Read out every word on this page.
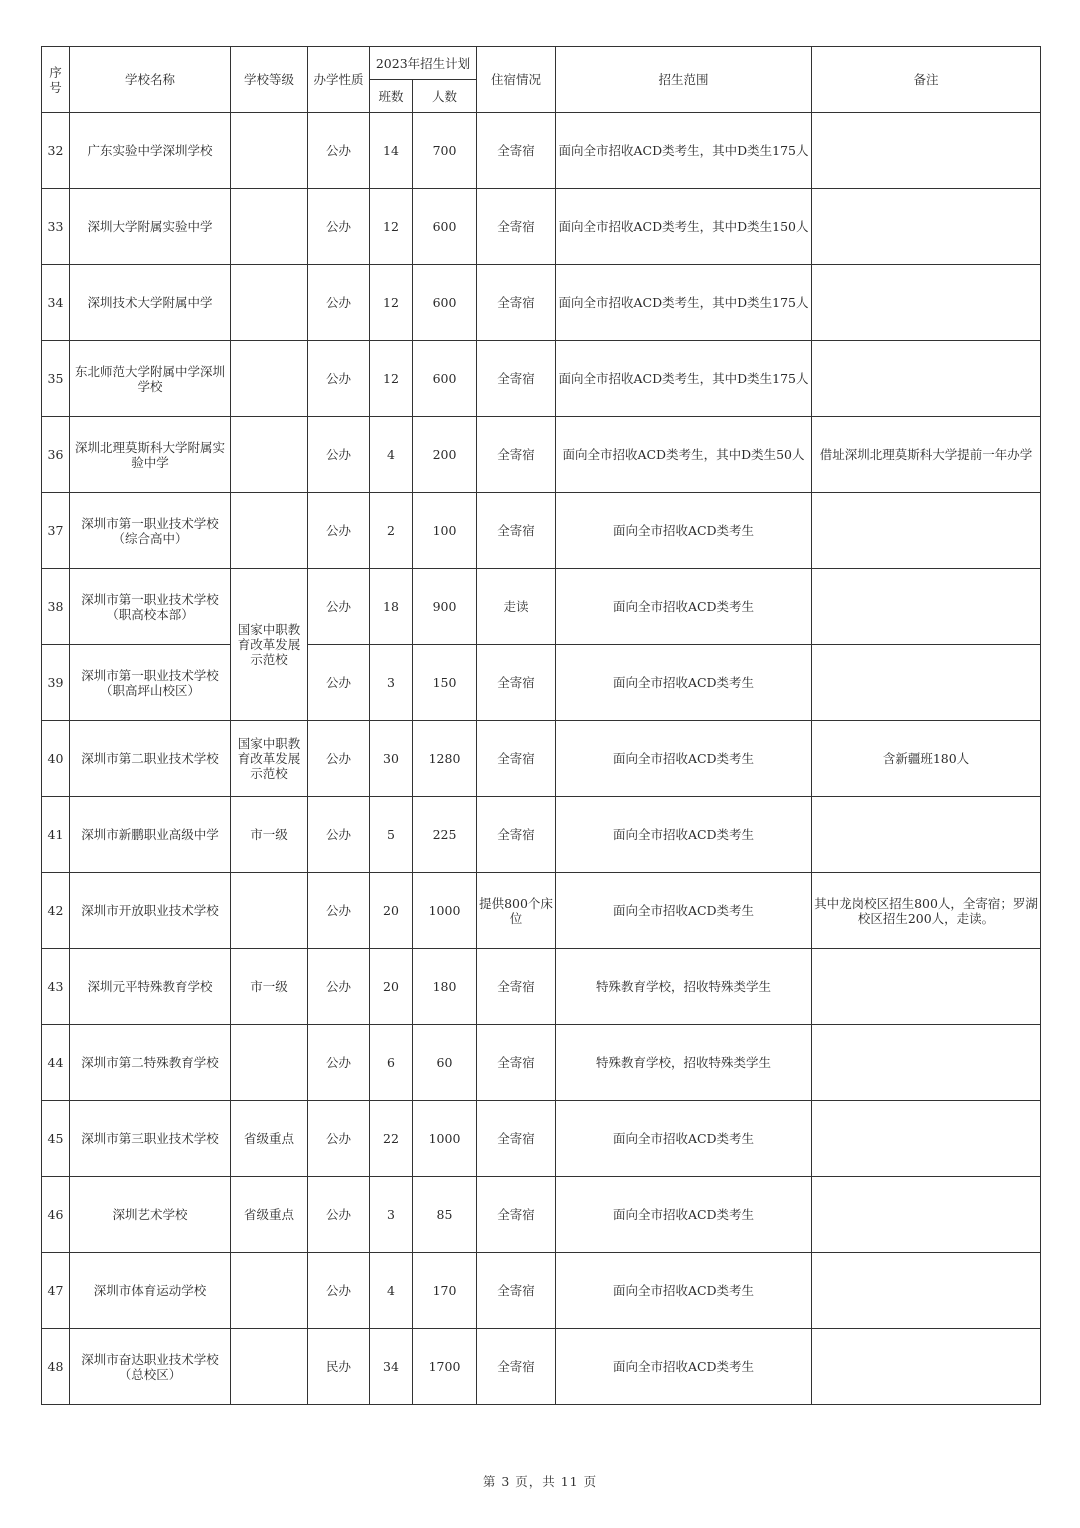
序号	学校名称	学校等级	办学性质	2023年招生计划		住宿情况	招生范围	备注
				班数	人数			
32	广东实验中学深圳学校		公办	14	700	全寄宿	面向全市招收ACD类考生，其中D类生175人	
33	深圳大学附属实验中学		公办	12	600	全寄宿	面向全市招收ACD类考生，其中D类生150人	
34	深圳技术大学附属中学		公办	12	600	全寄宿	面向全市招收ACD类考生，其中D类生175人	
35	东北师范大学附属中学深圳学校		公办	12	600	全寄宿	面向全市招收ACD类考生，其中D类生175人	
36	深圳北理莫斯科大学附属实验中学		公办	4	200	全寄宿	面向全市招收ACD类考生，其中D类生50人	借址深圳北理莫斯科大学提前一年办学
37	深圳市第一职业技术学校（综合高中）		公办	2	100	全寄宿	面向全市招收ACD类考生	
38	深圳市第一职业技术学校（职高校本部）	国家中职教育改革发展示范校	公办	18	900	走读	面向全市招收ACD类考生	
39	深圳市第一职业技术学校（职高坪山校区）		公办	3	150	全寄宿	面向全市招收ACD类考生	
40	深圳市第二职业技术学校	国家中职教育改革发展示范校	公办	30	1280	全寄宿	面向全市招收ACD类考生	含新疆班180人
41	深圳市新鹏职业高级中学	市一级	公办	5	225	全寄宿	面向全市招收ACD类考生	
42	深圳市开放职业技术学校		公办	20	1000	提供800个床位	面向全市招收ACD类考生	其中龙岗校区招生800人，全寄宿；罗湖校区招生200人，走读。
43	深圳元平特殊教育学校	市一级	公办	20	180	全寄宿	特殊教育学校，招收特殊类学生	
44	深圳市第二特殊教育学校		公办	6	60	全寄宿	特殊教育学校，招收特殊类学生	
45	深圳市第三职业技术学校	省级重点	公办	22	1000	全寄宿	面向全市招收ACD类考生	
46	深圳艺术学校	省级重点	公办	3	85	全寄宿	面向全市招收ACD类考生	
47	深圳市体育运动学校		公办	4	170	全寄宿	面向全市招收ACD类考生	
48	深圳市奋达职业技术学校（总校区）		民办	34	1700	全寄宿	面向全市招收ACD类考生	
第 3 页，共 11 页
